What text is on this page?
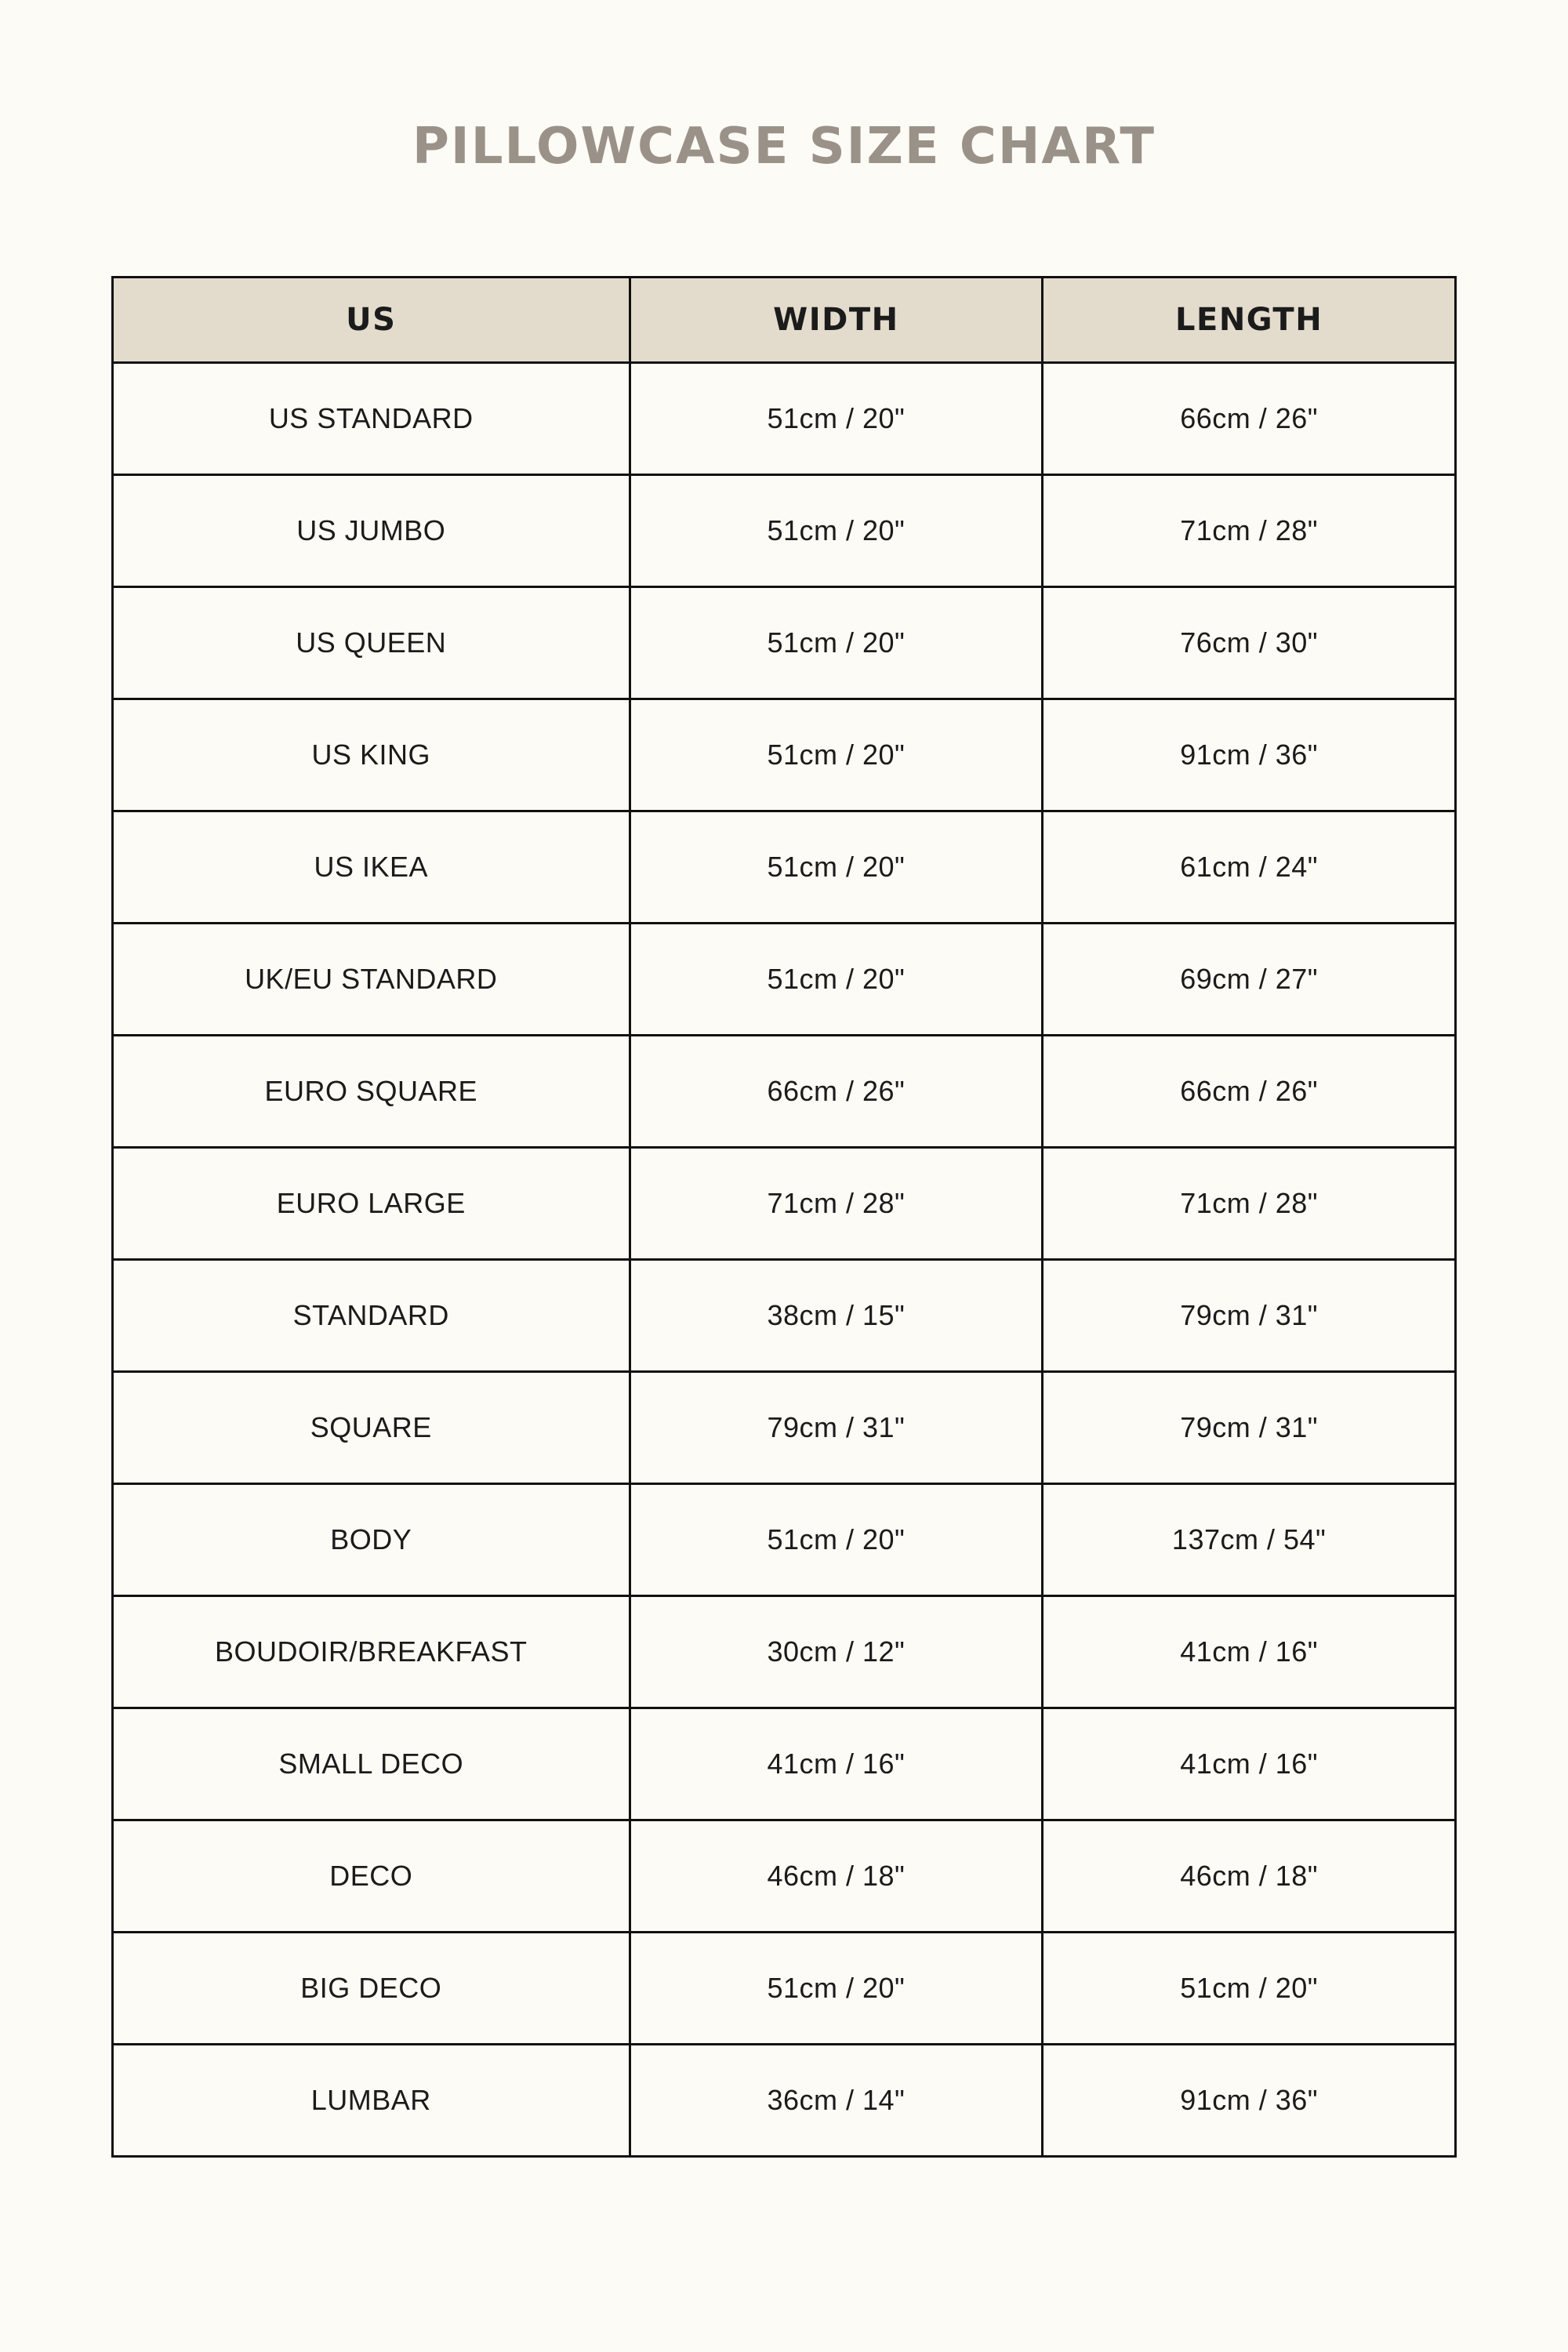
PILLOWCASE SIZE CHART
US	WIDTH	LENGTH
US STANDARD	51cm / 20"	66cm / 26"
US JUMBO	51cm / 20"	71cm / 28"
US QUEEN	51cm / 20"	76cm / 30"
US KING	51cm / 20"	91cm / 36"
US IKEA	51cm / 20"	61cm / 24"
UK/EU STANDARD	51cm / 20"	69cm / 27"
EURO SQUARE	66cm / 26"	66cm / 26"
EURO LARGE	71cm / 28"	71cm / 28"
STANDARD	38cm / 15"	79cm / 31"
SQUARE	79cm / 31"	79cm / 31"
BODY	51cm / 20"	137cm / 54"
BOUDOIR/BREAKFAST	30cm / 12"	41cm / 16"
SMALL DECO	41cm / 16"	41cm / 16"
DECO	46cm / 18"	46cm / 18"
BIG DECO	51cm / 20"	51cm / 20"
LUMBAR	36cm / 14"	91cm / 36"
